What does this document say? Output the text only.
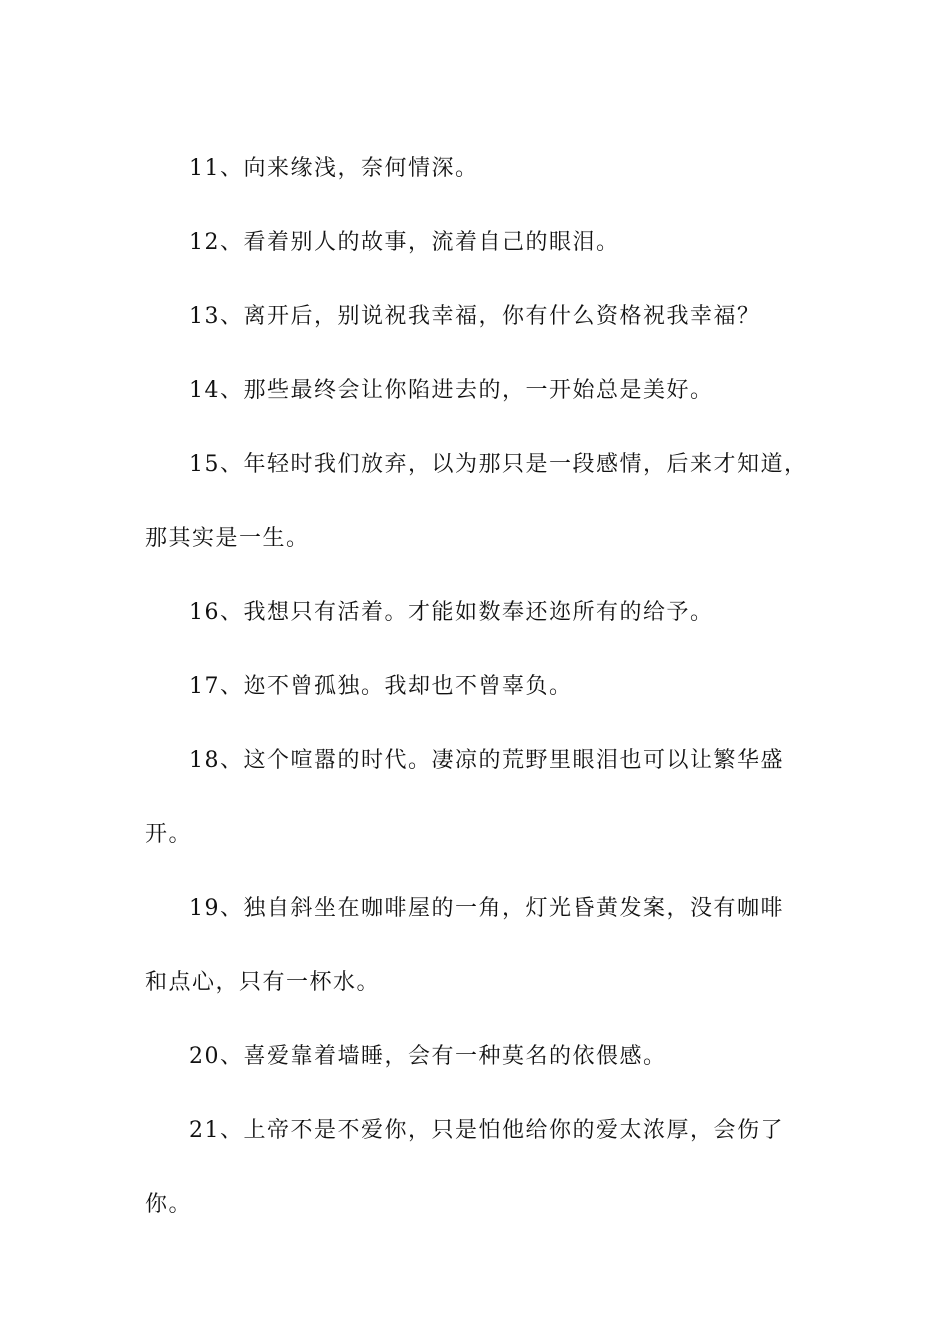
11、向来缘浅，奈何情深。
12、看着别人的故事，流着自己的眼泪。
13、离开后，别说祝我幸福，你有什么资格祝我幸福？
14、那些最终会让你陷进去的，一开始总是美好。
15、年轻时我们放弃，以为那只是一段感情，后来才知道，
那其实是一生。
16、我想只有活着。才能如数奉还迩所有的给予。
17、迩不曾孤独。我却也不曾辜负。
18、这个喧嚣的时代。凄凉的荒野里眼泪也可以让繁华盛
开。
19、独自斜坐在咖啡屋的一角，灯光昏黄发案，没有咖啡
和点心，只有一杯水。
20、喜爱靠着墙睡，会有一种莫名的依偎感。
21、上帝不是不爱你，只是怕他给你的爱太浓厚，会伤了
你。
